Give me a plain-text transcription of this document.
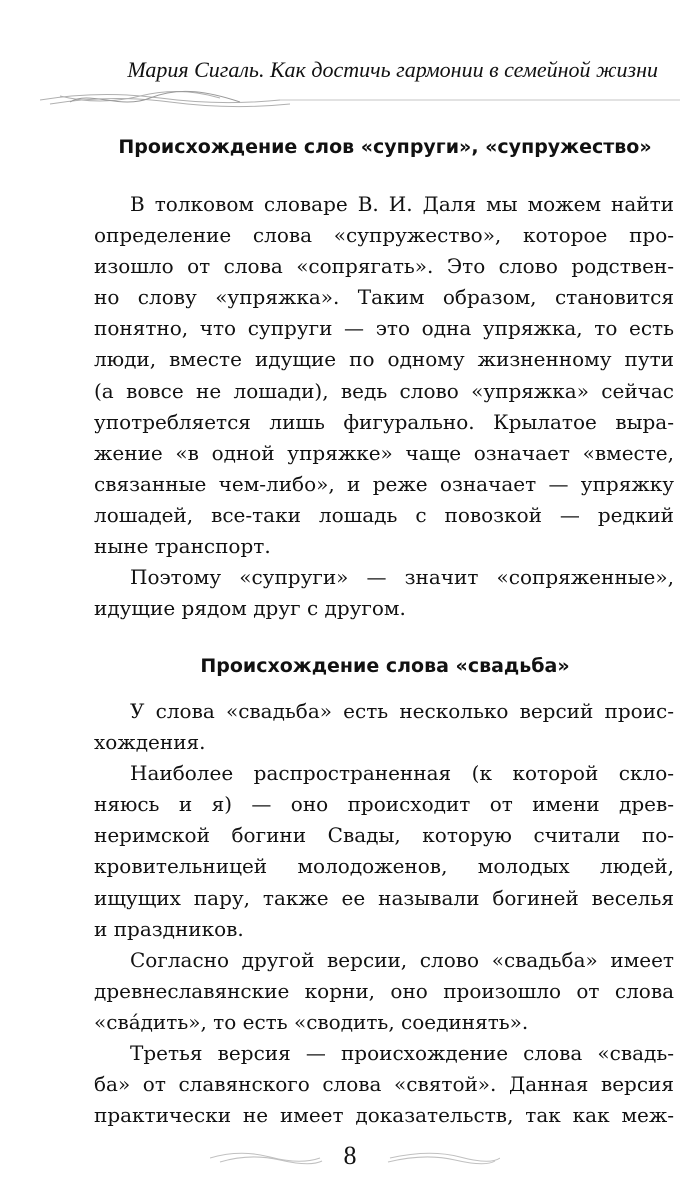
Мария Сигаль. Как достичь гармонии в семейной жизни
Происхождение слов «супруги», «супружество»
В толковом словаре В. И. Даля мы можем найти
определение слова «супружество», которое про-
изошло от слова «сопрягать». Это слово родствен-
но слову «упряжка». Таким образом, становится
понятно, что супруги — это одна упряжка, то есть
люди, вместе идущие по одному жизненному пути
(а вовсе не лошади), ведь слово «упряжка» сейчас
употребляется лишь фигурально. Крылатое выра-
жение «в одной упряжке» чаще означает «вместе,
связанные чем-либо», и реже означает — упряжку
лошадей, все-таки лошадь с повозкой — редкий
ныне транспорт.
Поэтому «супруги» — значит «сопряженные»,
идущие рядом друг с другом.
Происхождение слова «свадьба»
У слова «свадьба» есть несколько версий проис-
хождения.
Наиболее распространенная (к которой скло-
няюсь и я) — оно происходит от имени древ-
неримской богини Свады, которую считали по-
кровительницей молодоженов, молодых людей,
ищущих пару, также ее называли богиней веселья
и праздников.
Согласно другой версии, слово «свадьба» имеет
древнеславянские корни, оно произошло от слова
«сва́дить», то есть «сводить, соединять».
Третья версия — происхождение слова «свадь-
ба» от славянского слова «святой». Данная версия
практически не имеет доказательств, так как меж-
8
